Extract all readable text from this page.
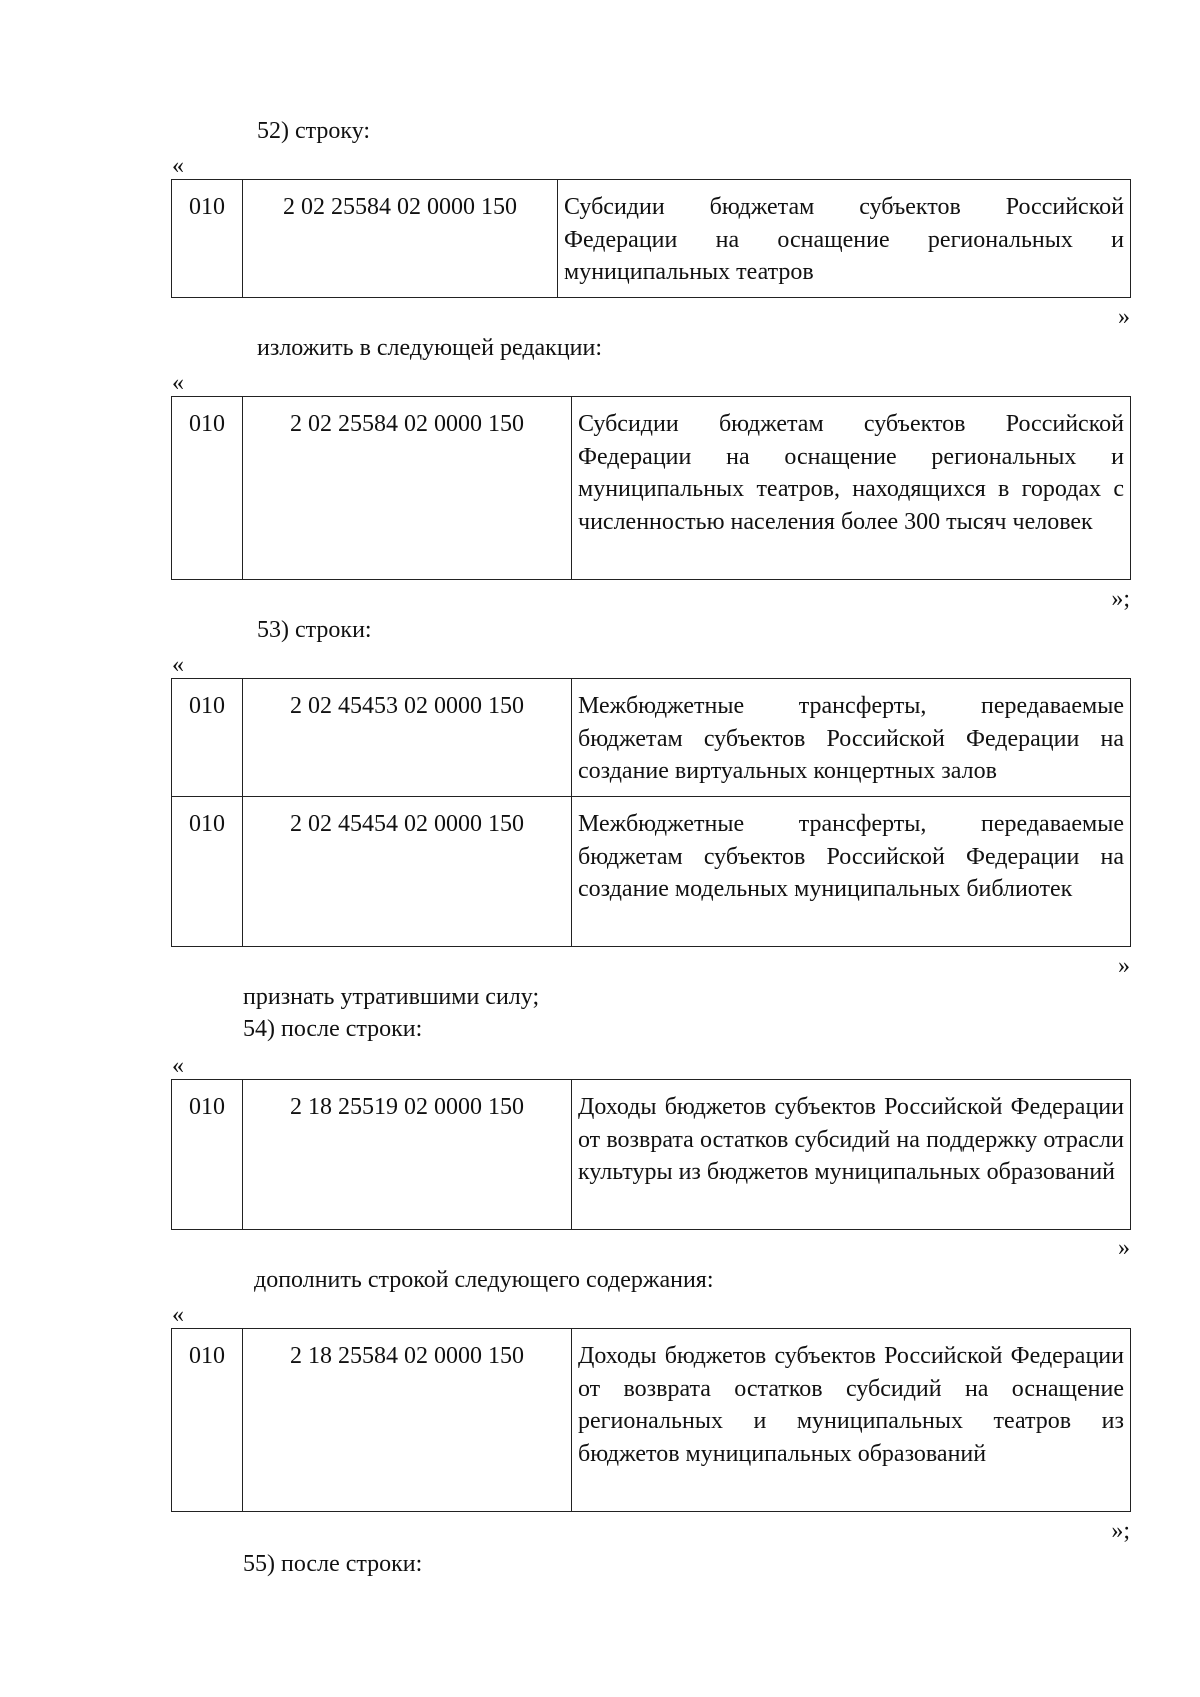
52) строку:
«
010	2 02 25584 02 0000 150	Субсидии бюджетам субъектов Российской Федерации на оснащение региональных и муниципальных театров
»
изложить в следующей редакции:
«
010	2 02 25584 02 0000 150	Субсидии бюджетам субъектов Российской Федерации на оснащение региональных и муниципальных театров, находящихся в городах с численностью населения более 300 тысяч человек
»;
53) строки:
«
010	2 02 45453 02 0000 150	Межбюджетные трансферты, передаваемые бюджетам субъектов Российской Федерации на создание виртуальных концертных залов
010	2 02 45454 02 0000 150	Межбюджетные трансферты, передаваемые бюджетам субъектов Российской Федерации на создание модельных муниципальных библиотек
»
признать утратившими силу;
54) после строки:
«
010	2 18 25519 02 0000 150	Доходы бюджетов субъектов Российской Федерации от возврата остатков субсидий на поддержку отрасли культуры из бюджетов муниципальных образований
»
дополнить строкой следующего содержания:
«
010	2 18 25584 02 0000 150	Доходы бюджетов субъектов Российской Федерации от возврата остатков субсидий на оснащение региональных и муниципальных театров из бюджетов муниципальных образований
»;
55) после строки:
